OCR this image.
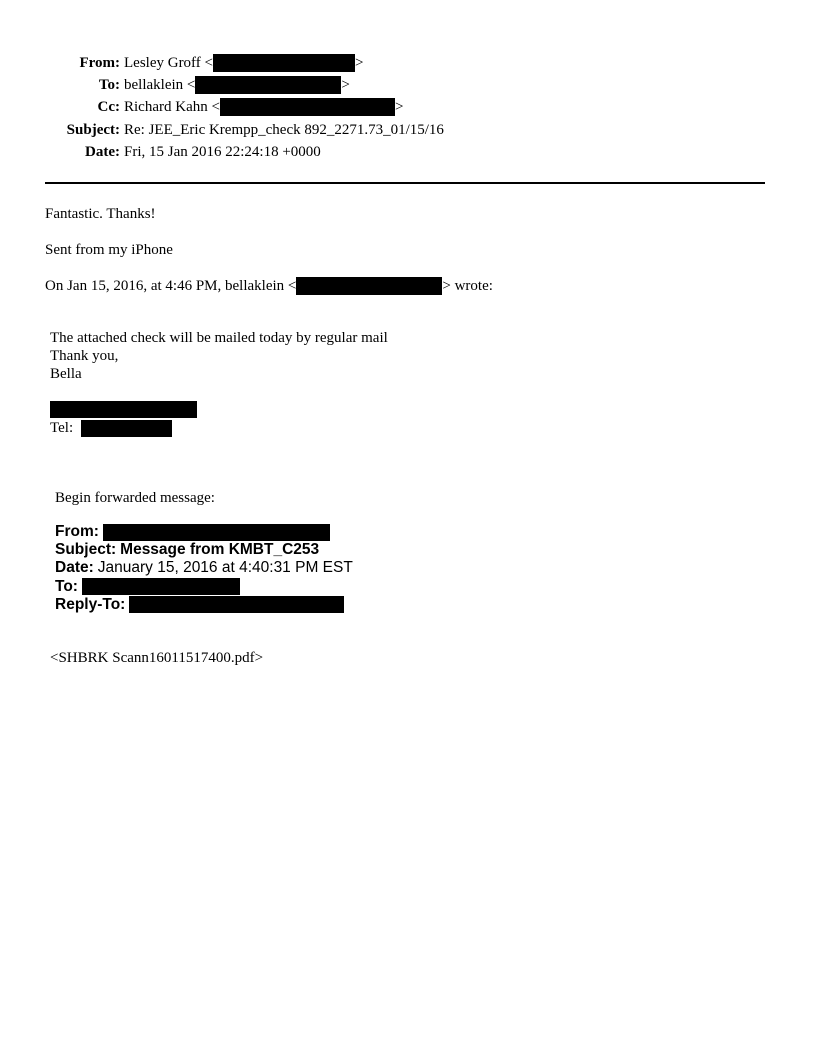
From: Lesley Groff <	>
To: bellaklein <	>
Cc: Richard Kahn <	>
Subject: Re: JEE_Eric Krempp_check 892_2271.73_01/15/16
Date: Fri, 15 Jan 2016 22:24:18 +0000
Fantastic. Thanks!
Sent from my iPhone
On Jan 15, 2016, at 4:46 PM, bellaklein <	> wrote:
The attached check will be mailed today by regular mail
Thank you,
Bella
Tel:
Begin forwarded message:
From:
Subject: Message from KMBT_C253
Date: January 15, 2016 at 4:40:31 PM EST
To:
Reply-To:
<SHBRK Scann16011517400.pdf>
